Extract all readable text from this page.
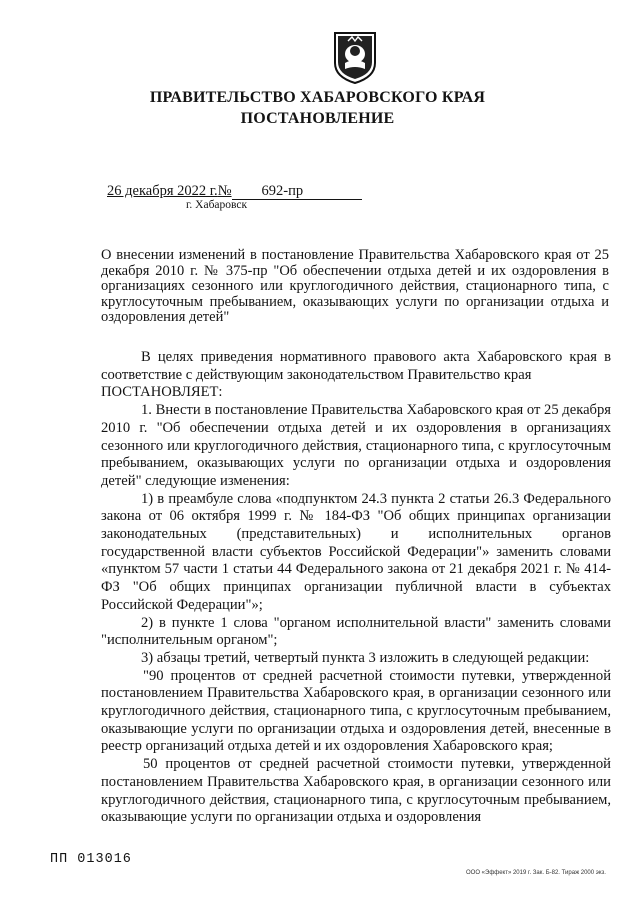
ПРАВИТЕЛЬСТВО ХАБАРОВСКОГО КРАЯ
ПОСТАНОВЛЕНИЕ
26 декабря 2022 г.№ 692-пр
г. Хабаровск
О внесении изменений в постановление Правительства Хабаровского края от 25 декабря 2010 г. № 375-пр "Об обеспечении отдыха детей и их оздоровления в организациях сезонного или круглогодичного действия, стационарного типа, с круглосуточным пребыванием, оказывающих услуги по организации отдыха и оздоровления детей"

В целях приведения нормативного правового акта Хабаровского края в соответствие с действующим законодательством Правительство края

ПОСТАНОВЛЯЕТ:

1. Внести в постановление Правительства Хабаровского края от 25 декабря 2010 г. "Об обеспечении отдыха детей и их оздоровления в организациях сезонного или круглогодичного действия, стационарного типа, с круглосуточным пребыванием, оказывающих услуги по организации отдыха и оздоровления детей" следующие изменения:

1) в преамбуле слова «подпунктом 24.3 пункта 2 статьи 26.3 Федерального закона от 06 октября 1999 г. № 184-ФЗ "Об общих принципах организации законодательных (представительных) и исполнительных органов государственной власти субъектов Российской Федерации"» заменить словами «пунктом 57 части 1 статьи 44 Федерального закона от 21 декабря 2021 г. № 414-ФЗ "Об общих принципах организации публичной власти в субъектах Российской Федерации"»;

2) в пункте 1 слова "органом исполнительной власти" заменить словами "исполнительным органом";

3) абзацы третий, четвертый пункта 3 изложить в следующей редакции:

"90 процентов от средней расчетной стоимости путевки, утвержденной постановлением Правительства Хабаровского края, в организации сезонного или круглогодичного действия, стационарного типа, с круглосуточным пребыванием, оказывающие услуги по организации отдыха и оздоровления детей, внесенные в реестр организаций отдыха детей и их оздоровления Хабаровского края;

50 процентов от средней расчетной стоимости путевки, утвержденной постановлением Правительства Хабаровского края, в организации сезонного или круглогодичного действия, стационарного типа, с круглосуточным пребыванием, оказывающие услуги по организации отдыха и оздоровления

ПП 013016
ООО «Эффект» 2019 г. Зак. Б-82. Тираж 2000 экз.
